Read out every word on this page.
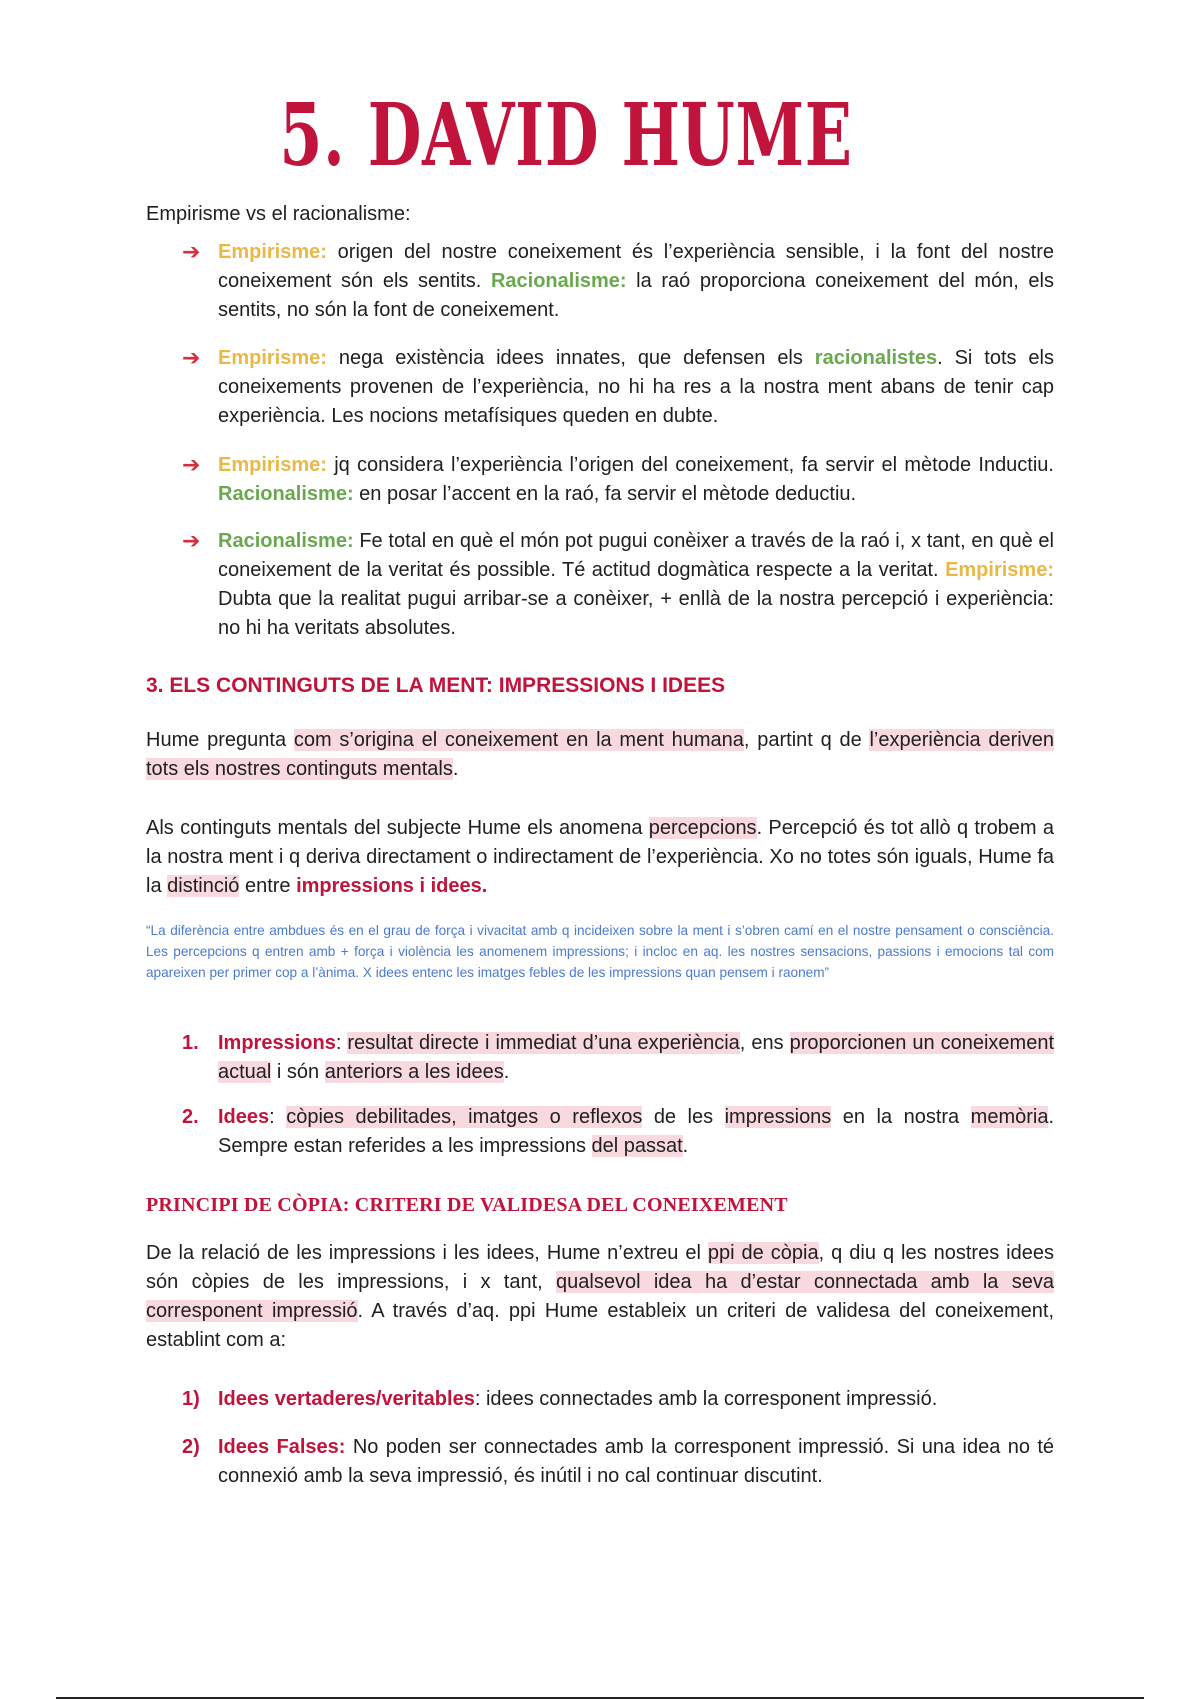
5. DAVID HUME
Empirisme vs el racionalisme:
➔ Empirisme: origen del nostre coneixement és l’experiència sensible, i la font del nostre coneixement són els sentits. Racionalisme: la raó proporciona coneixement del món, els sentits, no són la font de coneixement.
➔ Empirisme: nega existència idees innates, que defensen els racionalistes. Si tots els coneixements provenen de l’experiència, no hi ha res a la nostra ment abans de tenir cap experiència. Les nocions metafísiques queden en dubte.
➔ Empirisme: jq considera l’experiència l’origen del coneixement, fa servir el mètode Inductiu. Racionalisme: en posar l’accent en la raó, fa servir el mètode deductiu.
➔ Racionalisme: Fe total en què el món pot pugui conèixer a través de la raó i, x tant, en què el coneixement de la veritat és possible. Té actitud dogmàtica respecte a la veritat. Empirisme: Dubta que la realitat pugui arribar-se a conèixer, + enllà de la nostra percepció i experiència: no hi ha veritats absolutes.
3. ELS CONTINGUTS DE LA MENT: IMPRESSIONS I IDEES
Hume pregunta com s’origina el coneixement en la ment humana, partint q de l’experiència deriven tots els nostres continguts mentals.
Als continguts mentals del subjecte Hume els anomena percepcions. Percepció és tot allò q trobem a la nostra ment i q deriva directament o indirectament de l’experiència. Xo no totes són iguals, Hume fa la distinció entre impressions i idees.
“La diferència entre ambdues és en el grau de força i vivacitat amb q incideixen sobre la ment i s’obren camí en el nostre pensament o consciència. Les percepcions q entren amb + força i violència les anomenem impressions; i incloc en aq. les nostres sensacions, passions i emocions tal com apareixen per primer cop a l’ànima. X idees entenc les imatges febles de les impressions quan pensem i raonem”
1. Impressions: resultat directe i immediat d’una experiència, ens proporcionen un coneixement actual i són anteriors a les idees.
2. Idees: còpies debilitades, imatges o reflexos de les impressions en la nostra memòria. Sempre estan referides a les impressions del passat.
PRINCIPI DE CÒPIA: CRITERI DE VALIDESA DEL CONEIXEMENT
De la relació de les impressions i les idees, Hume n’extreu el ppi de còpia, q diu q les nostres idees són còpies de les impressions, i x tant, qualsevol idea ha d’estar connectada amb la seva corresponent impressió. A través d’aq. ppi Hume estableix un criteri de validesa del coneixement, establint com a:
1) Idees vertaderes/veritables: idees connectades amb la corresponent impressió.
2) Idees Falses: No poden ser connectades amb la corresponent impressió. Si una idea no té connexió amb la seva impressió, és inútil i no cal continuar discutint.
